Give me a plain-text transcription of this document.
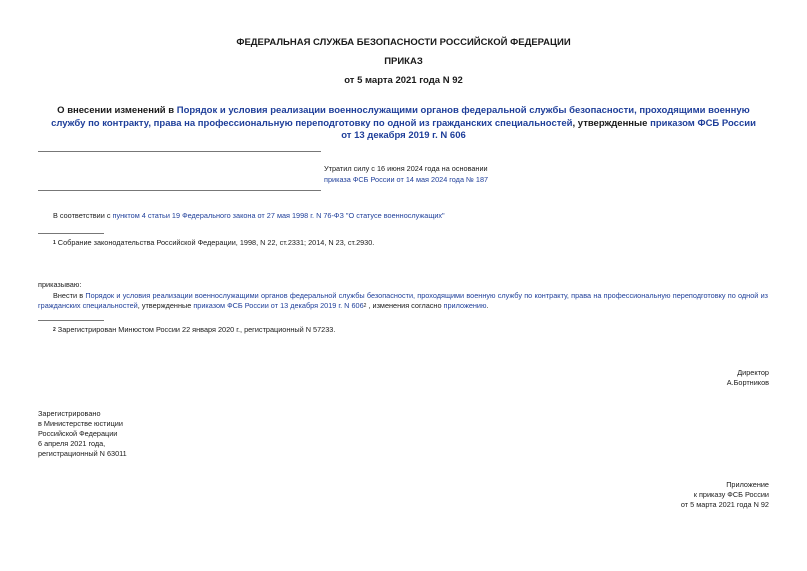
ФЕДЕРАЛЬНАЯ СЛУЖБА БЕЗОПАСНОСТИ РОССИЙСКОЙ ФЕДЕРАЦИИ
ПРИКАЗ
от 5 марта 2021 года N 92
О внесении изменений в Порядок и условия реализации военнослужащими органов федеральной службы безопасности, проходящими военную службу по контракту, права на профессиональную переподготовку по одной из гражданских специальностей, утвержденные приказом ФСБ России от 13 декабря 2019 г. N 606
Утратил силу с 16 июня 2024 года на основании
приказа ФСБ России от 14 мая 2024 года № 187
В соответствии с пунктом 4 статьи 19 Федерального закона от 27 мая 1998 г. N 76-ФЗ "О статусе военнослужащих"
$^1$ Собрание законодательства Российской Федерации, 1998, N 22, ст.2331; 2014, N 23, ст.2930.
приказываю:
Внести в Порядок и условия реализации военнослужащими органов федеральной службы безопасности, проходящими военную службу по контракту, права на профессиональную переподготовку по одной из гражданских специальностей, утвержденные приказом ФСБ России от 13 декабря 2019 г. N $606^2$ , изменения согласно приложению.
$^2$ Зарегистрирован Минюстом России 22 января 2020 г., регистрационный N 57233.
Директор
А.Бортников
Зарегистрировано
в Министерстве юстиции
Российской Федерации
6 апреля 2021 года,
регистрационный N 63011
Приложение
к приказу ФСБ России
от 5 марта 2021 года N 92
